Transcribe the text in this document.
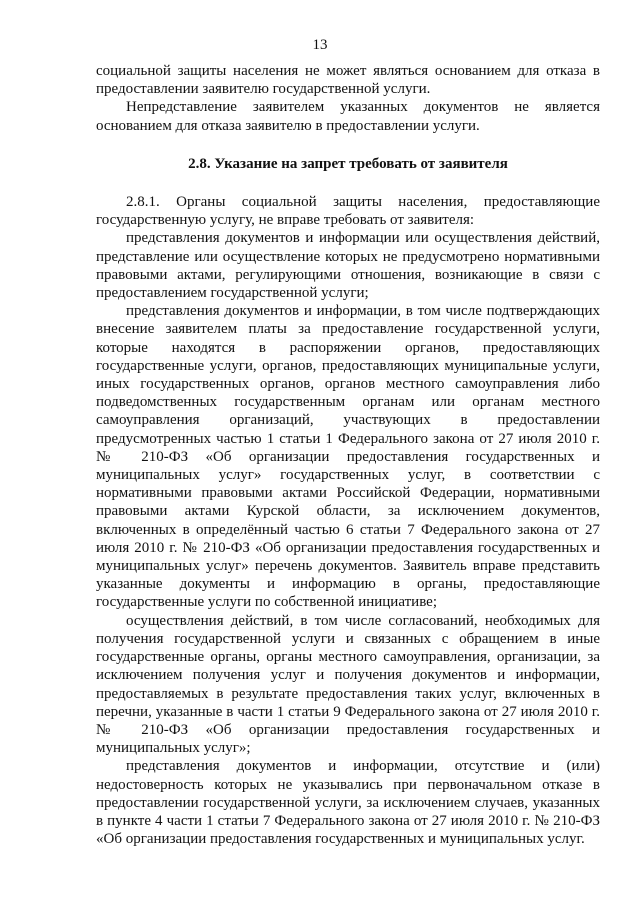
13

социальной защиты населения не может являться основанием для отказа в предоставлении заявителю государственной услуги.

Непредставление заявителем указанных документов не является основанием для отказа заявителю в предоставлении услуги.

2.8. Указание на запрет требовать от заявителя

2.8.1. Органы социальной защиты населения, предоставляющие государственную услугу, не вправе требовать от заявителя:

представления документов и информации или осуществления действий, представление или осуществление которых не предусмотрено нормативными правовыми актами, регулирующими отношения, возникающие в связи с предоставлением государственной услуги;

представления документов и информации, в том числе подтверждающих внесение заявителем платы за предоставление государственной услуги, которые находятся в распоряжении органов, предоставляющих государственные услуги, органов, предоставляющих муниципальные услуги, иных государственных органов, органов местного самоуправления либо подведомственных государственным органам или органам местного самоуправления организаций, участвующих в предоставлении предусмотренных частью 1 статьи 1 Федерального закона от 27 июля 2010 г. № 210-ФЗ «Об организации предоставления государственных и муниципальных услуг» государственных услуг, в соответствии с нормативными правовыми актами Российской Федерации, нормативными правовыми актами Курской области, за исключением документов, включенных в определённый частью 6 статьи 7 Федерального закона от 27 июля 2010 г. № 210-ФЗ «Об организации предоставления государственных и муниципальных услуг» перечень документов. Заявитель вправе представить указанные документы и информацию в органы, предоставляющие государственные услуги по собственной инициативе;

осуществления действий, в том числе согласований, необходимых для получения государственной услуги и связанных с обращением в иные государственные органы, органы местного самоуправления, организации, за исключением получения услуг и получения документов и информации, предоставляемых в результате предоставления таких услуг, включенных в перечни, указанные в части 1 статьи 9 Федерального закона от 27 июля 2010 г. № 210-ФЗ «Об организации предоставления государственных и муниципальных услуг»;

представления документов и информации, отсутствие и (или) недостоверность которых не указывались при первоначальном отказе в предоставлении государственной услуги, за исключением случаев, указанных в пункте 4 части 1 статьи 7 Федерального закона от 27 июля 2010 г. № 210-ФЗ «Об организации предоставления государственных и муниципальных услуг.
